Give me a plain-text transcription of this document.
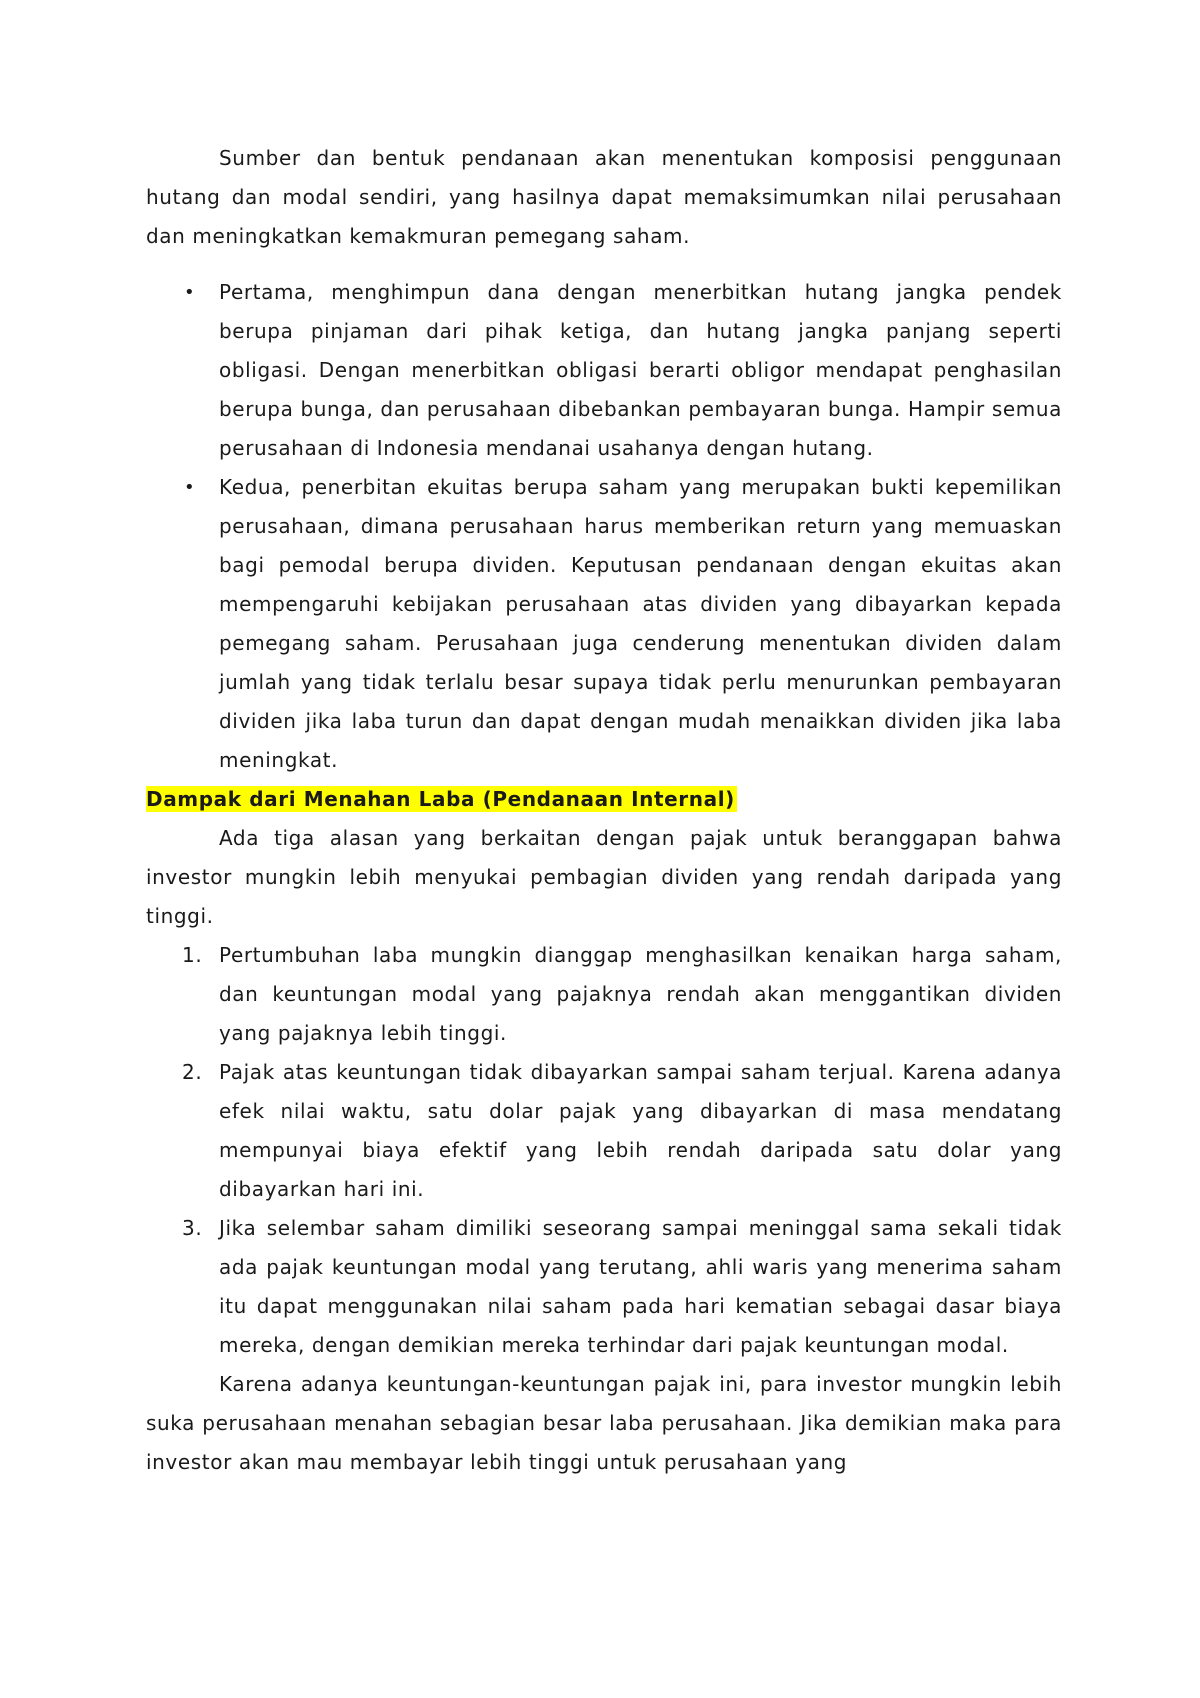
Sumber dan bentuk pendanaan akan menentukan komposisi penggunaan hutang dan modal sendiri, yang hasilnya dapat memaksimumkan nilai perusahaan dan meningkatkan kemakmuran pemegang saham.

• Pertama, menghimpun dana dengan menerbitkan hutang jangka pendek berupa pinjaman dari pihak ketiga, dan hutang jangka panjang seperti obligasi. Dengan menerbitkan obligasi berarti obligor mendapat penghasilan berupa bunga, dan perusahaan dibebankan pembayaran bunga. Hampir semua perusahaan di Indonesia mendanai usahanya dengan hutang.
• Kedua, penerbitan ekuitas berupa saham yang merupakan bukti kepemilikan perusahaan, dimana perusahaan harus memberikan return yang memuaskan bagi pemodal berupa dividen. Keputusan pendanaan dengan ekuitas akan mempengaruhi kebijakan perusahaan atas dividen yang dibayarkan kepada pemegang saham. Perusahaan juga cenderung menentukan dividen dalam jumlah yang tidak terlalu besar supaya tidak perlu menurunkan pembayaran dividen jika laba turun dan dapat dengan mudah menaikkan dividen jika laba meningkat.
Dampak dari Menahan Laba (Pendanaan Internal)

Ada tiga alasan yang berkaitan dengan pajak untuk beranggapan bahwa investor mungkin lebih menyukai pembagian dividen yang rendah daripada yang tinggi.

1. Pertumbuhan laba mungkin dianggap menghasilkan kenaikan harga saham, dan keuntungan modal yang pajaknya rendah akan menggantikan dividen yang pajaknya lebih tinggi.
2. Pajak atas keuntungan tidak dibayarkan sampai saham terjual. Karena adanya efek nilai waktu, satu dolar pajak yang dibayarkan di masa mendatang mempunyai biaya efektif yang lebih rendah daripada satu dolar yang dibayarkan hari ini.
3. Jika selembar saham dimiliki seseorang sampai meninggal sama sekali tidak ada pajak keuntungan modal yang terutang, ahli waris yang menerima saham itu dapat menggunakan nilai saham pada hari kematian sebagai dasar biaya mereka, dengan demikian mereka terhindar dari pajak keuntungan modal.

Karena adanya keuntungan-keuntungan pajak ini, para investor mungkin lebih suka perusahaan menahan sebagian besar laba perusahaan. Jika demikian maka para investor akan mau membayar lebih tinggi untuk perusahaan yang
